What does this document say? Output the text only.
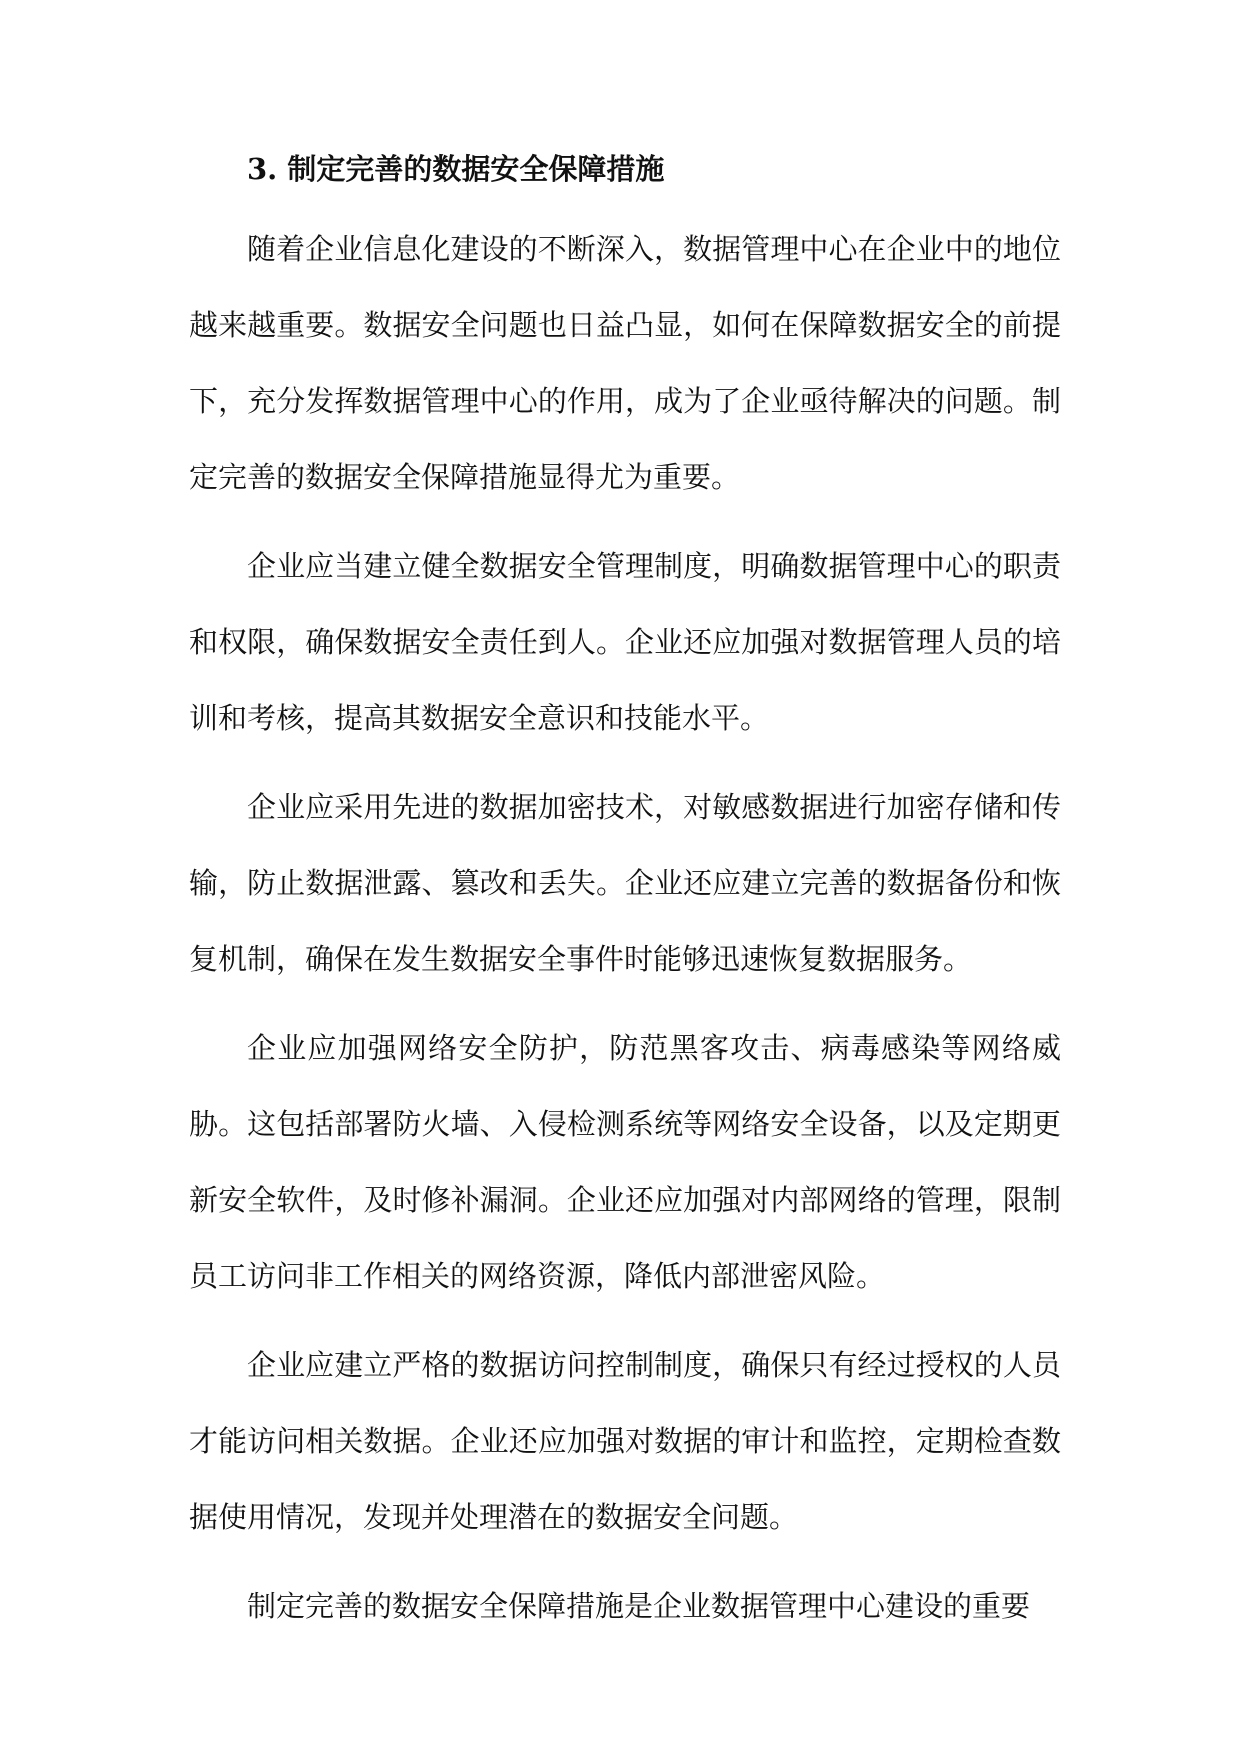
3. 制定完善的数据安全保障措施

随着企业信息化建设的不断深入，数据管理中心在企业中的地位越来越重要。数据安全问题也日益凸显，如何在保障数据安全的前提下，充分发挥数据管理中心的作用，成为了企业亟待解决的问题。制定完善的数据安全保障措施显得尤为重要。

企业应当建立健全数据安全管理制度，明确数据管理中心的职责和权限，确保数据安全责任到人。企业还应加强对数据管理人员的培训和考核，提高其数据安全意识和技能水平。

企业应采用先进的数据加密技术，对敏感数据进行加密存储和传输，防止数据泄露、篡改和丢失。企业还应建立完善的数据备份和恢复机制，确保在发生数据安全事件时能够迅速恢复数据服务。

企业应加强网络安全防护，防范黑客攻击、病毒感染等网络威胁。这包括部署防火墙、入侵检测系统等网络安全设备，以及定期更新安全软件，及时修补漏洞。企业还应加强对内部网络的管理，限制员工访问非工作相关的网络资源，降低内部泄密风险。

企业应建立严格的数据访问控制制度，确保只有经过授权的人员才能访问相关数据。企业还应加强对数据的审计和监控，定期检查数据使用情况，发现并处理潜在的数据安全问题。

制定完善的数据安全保障措施是企业数据管理中心建设的重要
